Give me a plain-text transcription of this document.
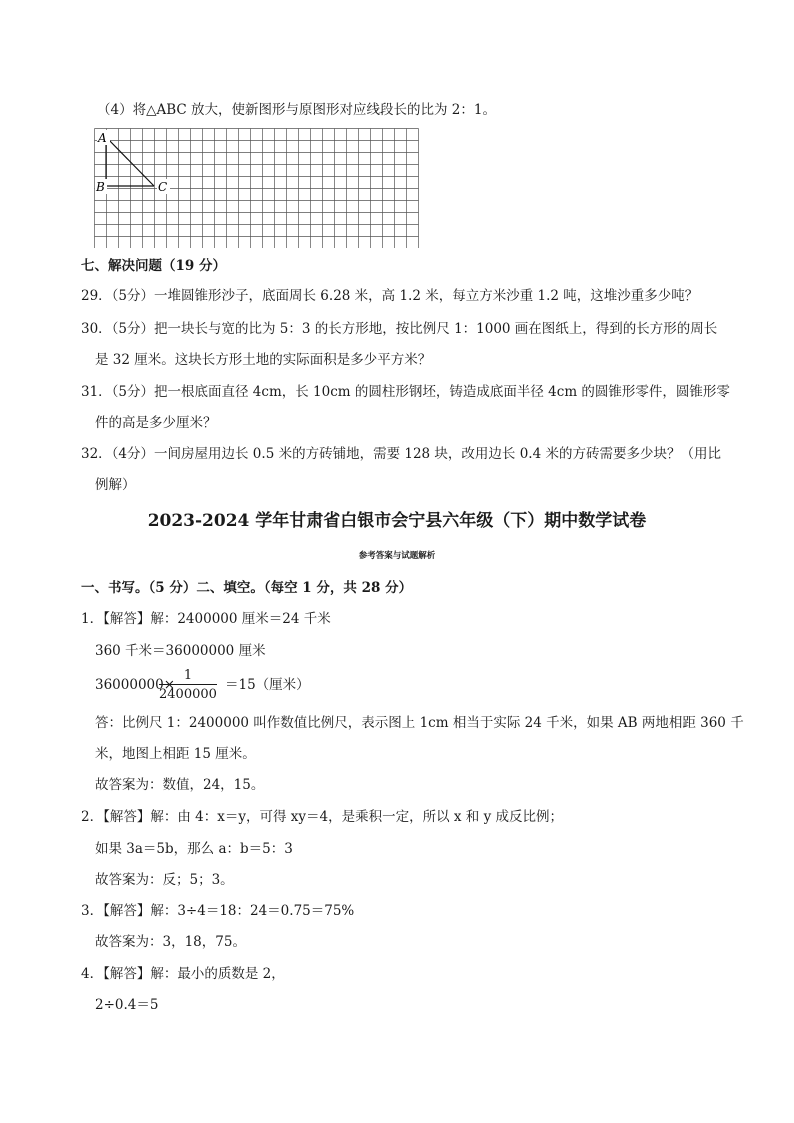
（4）将△ABC 放大，使新图形与原图形对应线段长的比为 2：1。
A
B	C
七、解决问题（19 分）
29．（5分）一堆圆锥形沙子，底面周长 6.28 米，高 1.2 米，每立方米沙重 1.2 吨，这堆沙重多少吨？
30．（5分）把一块长与宽的比为 5：3 的长方形地，按比例尺 1：1000 画在图纸上，得到的长方形的周长
是 32 厘米。这块长方形土地的实际面积是多少平方米？
31．（5分）把一根底面直径 4cm，长 10cm 的圆柱形钢坯，铸造成底面半径 4cm 的圆锥形零件，圆锥形零
件的高是多少厘米？
32．（4分）一间房屋用边长 0.5 米的方砖铺地，需要 128 块，改用边长 0.4 米的方砖需要多少块？（用比
例解）
2023-2024 学年甘肃省白银市会宁县六年级（下）期中数学试卷
参考答案与试题解析
一、书写。（5 分）二、填空。（每空 1 分，共 28 分）
1．【解答】解：2400000 厘米＝24 千米
360 千米＝36000000 厘米
36000000×
$\frac{1}{2400000} =15$（厘米）
答：比例尺 1：2400000 叫作数值比例尺，表示图上 1cm 相当于实际 24 千米，如果 AB 两地相距 360 千
米，地图上相距 15 厘米。
故答案为：数值，24，15。
2．【解答】解：由 4：x＝y，可得 xy＝4，是乘积一定，所以 x 和 y 成反比例；
如果 3a＝5b，那么 a：b＝5：3
故答案为：反；5；3。
3．【解答】解：3÷4＝18：24＝0.75＝75%
故答案为：3，18，75。
4．【解答】解：最小的质数是 2，
2÷0.4＝5
